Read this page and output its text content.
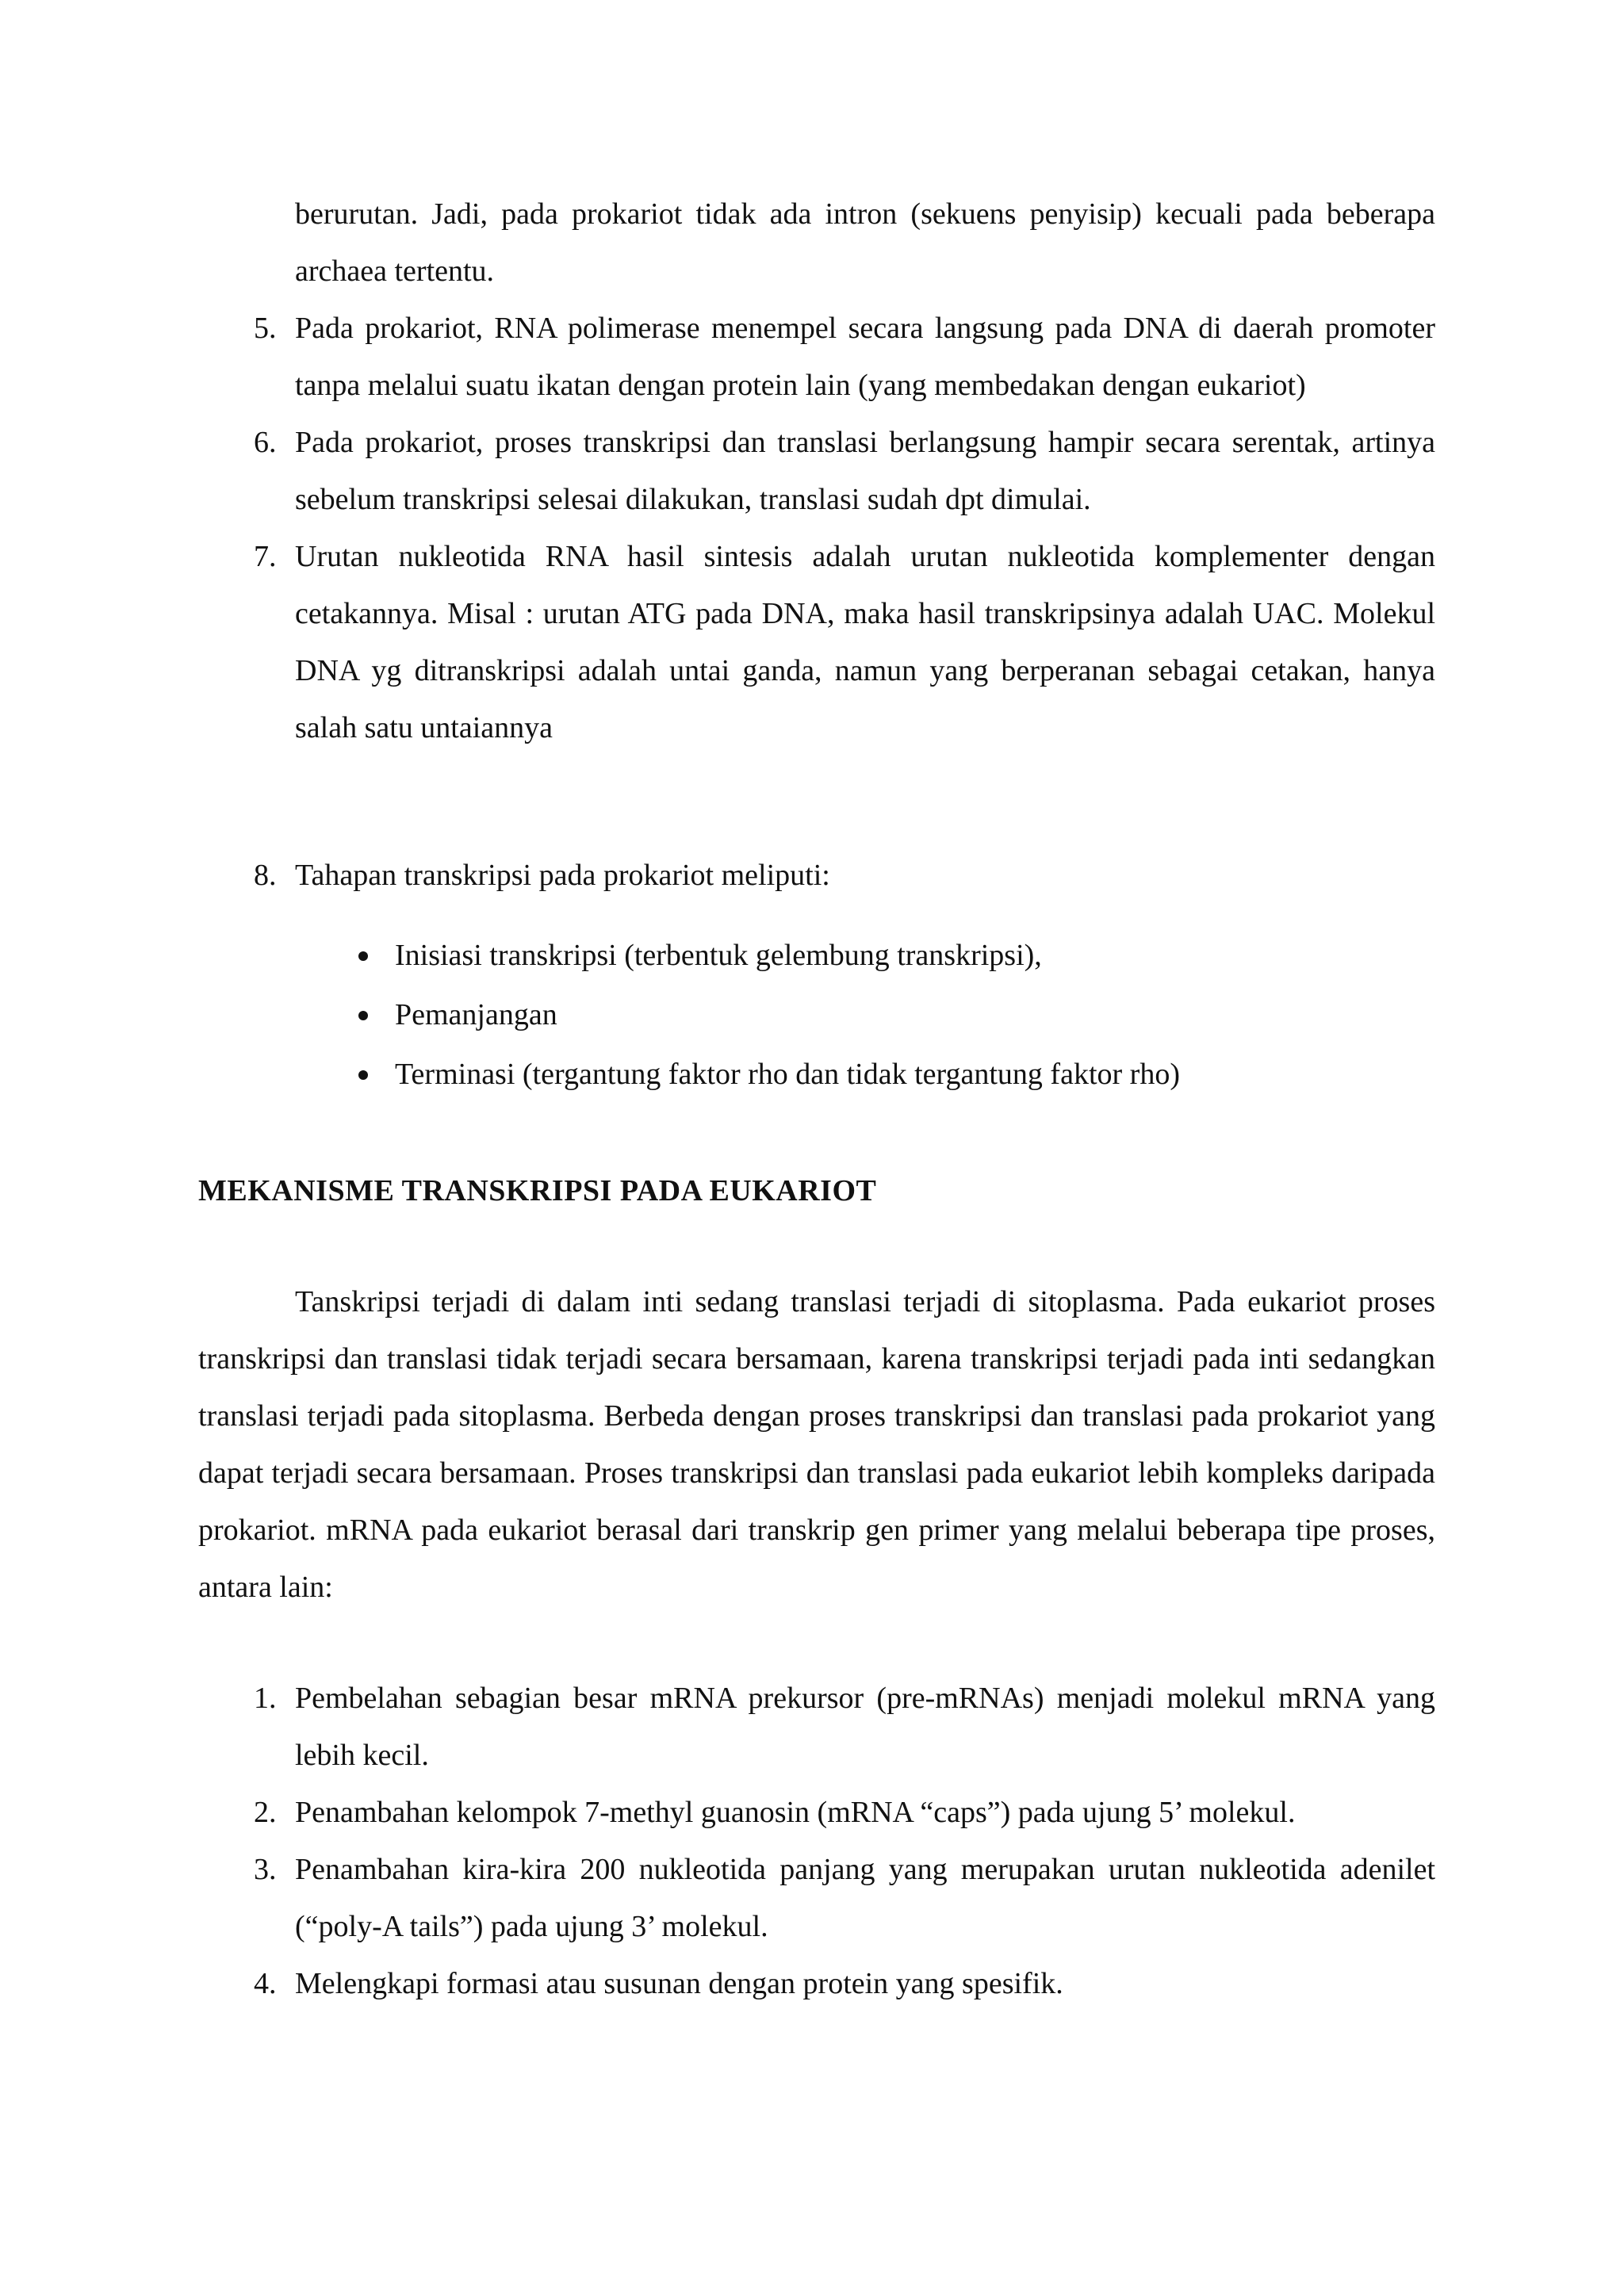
berurutan. Jadi, pada prokariot tidak ada intron (sekuens penyisip) kecuali pada beberapa archaea tertentu.
5. Pada prokariot, RNA polimerase menempel secara langsung pada DNA di daerah promoter tanpa melalui suatu ikatan dengan protein lain (yang membedakan dengan eukariot)
6. Pada prokariot, proses transkripsi dan translasi berlangsung hampir secara serentak, artinya sebelum transkripsi selesai dilakukan, translasi sudah dpt dimulai.
7. Urutan nukleotida RNA hasil sintesis adalah urutan nukleotida komplementer dengan cetakannya. Misal : urutan ATG pada DNA, maka hasil transkripsinya adalah UAC. Molekul DNA yg ditranskripsi adalah untai ganda, namun yang berperanan sebagai cetakan, hanya salah satu untaiannya
8. Tahapan transkripsi pada prokariot meliputi:
Inisiasi transkripsi (terbentuk gelembung transkripsi),
Pemanjangan
Terminasi (tergantung faktor rho dan tidak tergantung faktor rho)
MEKANISME TRANSKRIPSI PADA EUKARIOT

Tanskripsi terjadi di dalam inti sedang translasi terjadi di sitoplasma. Pada eukariot proses transkripsi dan translasi tidak terjadi secara bersamaan, karena transkripsi terjadi pada inti sedangkan translasi terjadi pada sitoplasma. Berbeda dengan proses transkripsi dan translasi pada prokariot yang dapat terjadi secara bersamaan. Proses transkripsi dan translasi pada eukariot lebih kompleks daripada prokariot. mRNA pada eukariot berasal dari transkrip gen primer yang melalui beberapa tipe proses, antara lain:

1. Pembelahan sebagian besar mRNA prekursor (pre-mRNAs) menjadi molekul mRNA yang lebih kecil.
2. Penambahan kelompok 7-methyl guanosin (mRNA “caps”) pada ujung 5’ molekul.
3. Penambahan kira-kira 200 nukleotida panjang yang merupakan urutan nukleotida adenilet (“poly-A tails”) pada ujung 3’ molekul.
4. Melengkapi formasi atau susunan dengan protein yang spesifik.
